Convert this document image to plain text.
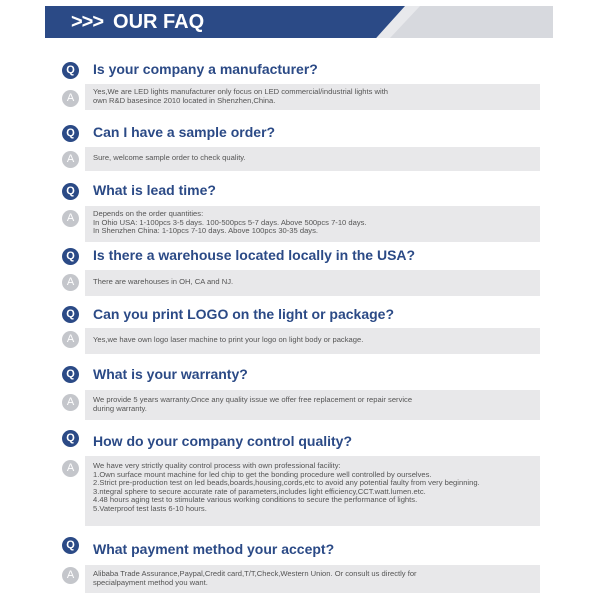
>>> OUR FAQ
Q	Is your company a manufacturer?
A
Yes,We are LED lights manufacturer only focus on LED commercial/industrial lights with
own R&D basesince 2010 located in Shenzhen,China.
Q	Can I have a sample order?
A	Sure, welcome sample order to check quality.
Q	What is lead time?
A	Depends on the order quantities:
In Ohio USA: 1-100pcs 3-5 days. 100-500pcs 5-7 days. Above 500pcs 7-10 days.
In Shenzhen China: 1-10pcs 7-10 days. Above 100pcs 30-35 days.
Q	Is there a warehouse located locally in the USA?
A	There are warehouses in OH, CA and NJ.
Q	Can you print LOGO on the light or package?
A	Yes,we have own logo laser machine to print your logo on light body or package.
Q	What is your warranty?
A	We provide 5 years warranty.Once any quality issue we offer free replacement or repair service
during warranty.
Q	How do your company control quality?
A	We have very strictly quality control process with own professional facility:
1.Own surface mount machine for led chip to get the bonding procedure well controlled by ourselves.
2.Strict pre-production test on led beads,boards,housing,cords,etc to avoid any potential faulty from very beginning.
3.ntegral sphere to secure accurate rate of parameters,includes light efficiency,CCT.watt.lumen.etc.
4.48 hours aging test to stimulate various working conditions to secure the performance of lights.
5.Vaterproof test lasts 6-10 hours.
Q	What payment method your accept?
A	Alibaba Trade Assurance,Paypal,Credit card,T/T,Check,Western Union. Or consult us directly for
specialpayment method you want.
